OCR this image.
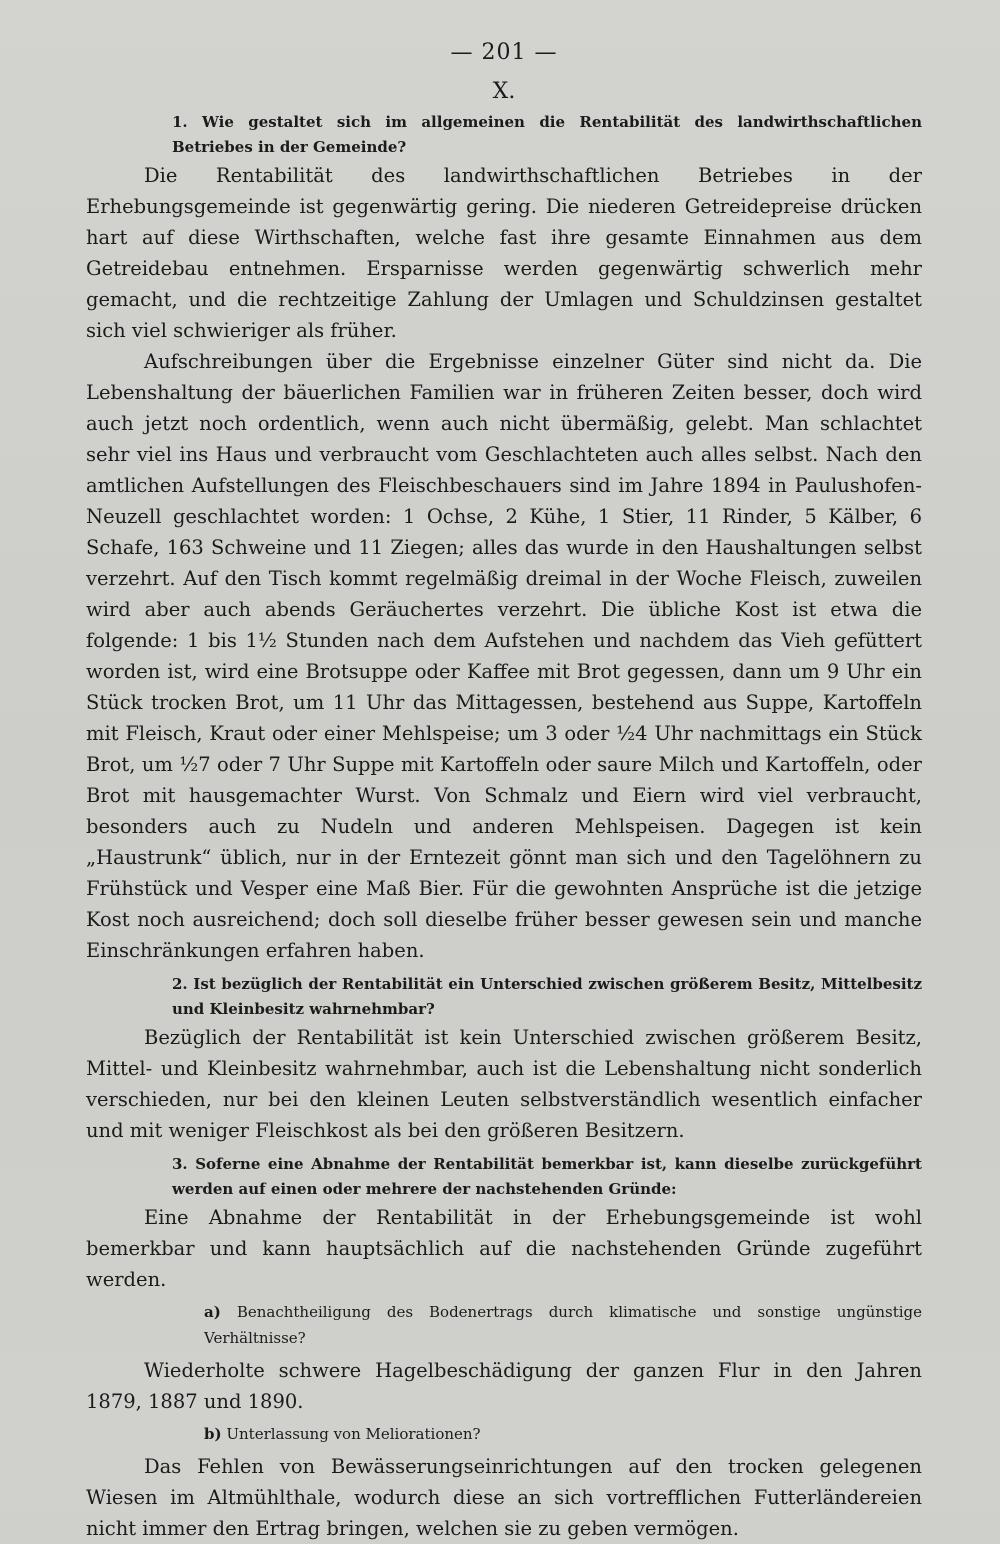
— 201 —
X.

1. Wie gestaltet sich im allgemeinen die Rentabilität des landwirthschaftlichen Betriebes in der Gemeinde?

Die Rentabilität des landwirthschaftlichen Betriebes in der Erhebungsgemeinde ist gegenwärtig gering. Die niederen Getreidepreise drücken hart auf diese Wirthschaften, welche fast ihre gesamte Einnahmen aus dem Getreidebau entnehmen. Ersparnisse werden gegenwärtig schwerlich mehr gemacht, und die rechtzeitige Zahlung der Umlagen und Schuldzinsen gestaltet sich viel schwieriger als früher.

Aufschreibungen über die Ergebnisse einzelner Güter sind nicht da. Die Lebenshaltung der bäuerlichen Familien war in früheren Zeiten besser, doch wird auch jetzt noch ordentlich, wenn auch nicht übermäßig, gelebt. Man schlachtet sehr viel ins Haus und verbraucht vom Geschlachteten auch alles selbst. Nach den amtlichen Aufstellungen des Fleischbeschauers sind im Jahre 1894 in Paulushofen-Neuzell geschlachtet worden: 1 Ochse, 2 Kühe, 1 Stier, 11 Rinder, 5 Kälber, 6 Schafe, 163 Schweine und 11 Ziegen; alles das wurde in den Haushaltungen selbst verzehrt. Auf den Tisch kommt regelmäßig dreimal in der Woche Fleisch, zuweilen wird aber auch abends Geräuchertes verzehrt. Die übliche Kost ist etwa die folgende: 1 bis 1½ Stunden nach dem Aufstehen und nachdem das Vieh gefüttert worden ist, wird eine Brotsuppe oder Kaffee mit Brot gegessen, dann um 9 Uhr ein Stück trocken Brot, um 11 Uhr das Mittagessen, bestehend aus Suppe, Kartoffeln mit Fleisch, Kraut oder einer Mehlspeise; um 3 oder ½4 Uhr nachmittags ein Stück Brot, um ½7 oder 7 Uhr Suppe mit Kartoffeln oder saure Milch und Kartoffeln, oder Brot mit hausgemachter Wurst. Von Schmalz und Eiern wird viel verbraucht, besonders auch zu Nudeln und anderen Mehlspeisen. Dagegen ist kein „Haustrunk“ üblich, nur in der Erntezeit gönnt man sich und den Tagelöhnern zu Frühstück und Vesper eine Maß Bier. Für die gewohnten Ansprüche ist die jetzige Kost noch ausreichend; doch soll dieselbe früher besser gewesen sein und manche Einschränkungen erfahren haben.

2. Ist bezüglich der Rentabilität ein Unterschied zwischen größerem Besitz, Mittelbesitz und Kleinbesitz wahrnehmbar?

Bezüglich der Rentabilität ist kein Unterschied zwischen größerem Besitz, Mittel- und Kleinbesitz wahrnehmbar, auch ist die Lebenshaltung nicht sonderlich verschieden, nur bei den kleinen Leuten selbstverständlich wesentlich einfacher und mit weniger Fleischkost als bei den größeren Besitzern.

3. Soferne eine Abnahme der Rentabilität bemerkbar ist, kann dieselbe zurückgeführt werden auf einen oder mehrere der nachstehenden Gründe:

Eine Abnahme der Rentabilität in der Erhebungsgemeinde ist wohl bemerkbar und kann hauptsächlich auf die nachstehenden Gründe zugeführt werden.

a) Benachtheiligung des Bodenertrags durch klimatische und sonstige ungünstige Verhältnisse?

Wiederholte schwere Hagelbeschädigung der ganzen Flur in den Jahren 1879, 1887 und 1890.

b) Unterlassung von Meliorationen?

Das Fehlen von Bewässerungseinrichtungen auf den trocken gelegenen Wiesen im Altmühlthale, wodurch diese an sich vortrefflichen Futterländereien nicht immer den Ertrag bringen, welchen sie zu geben vermögen.
